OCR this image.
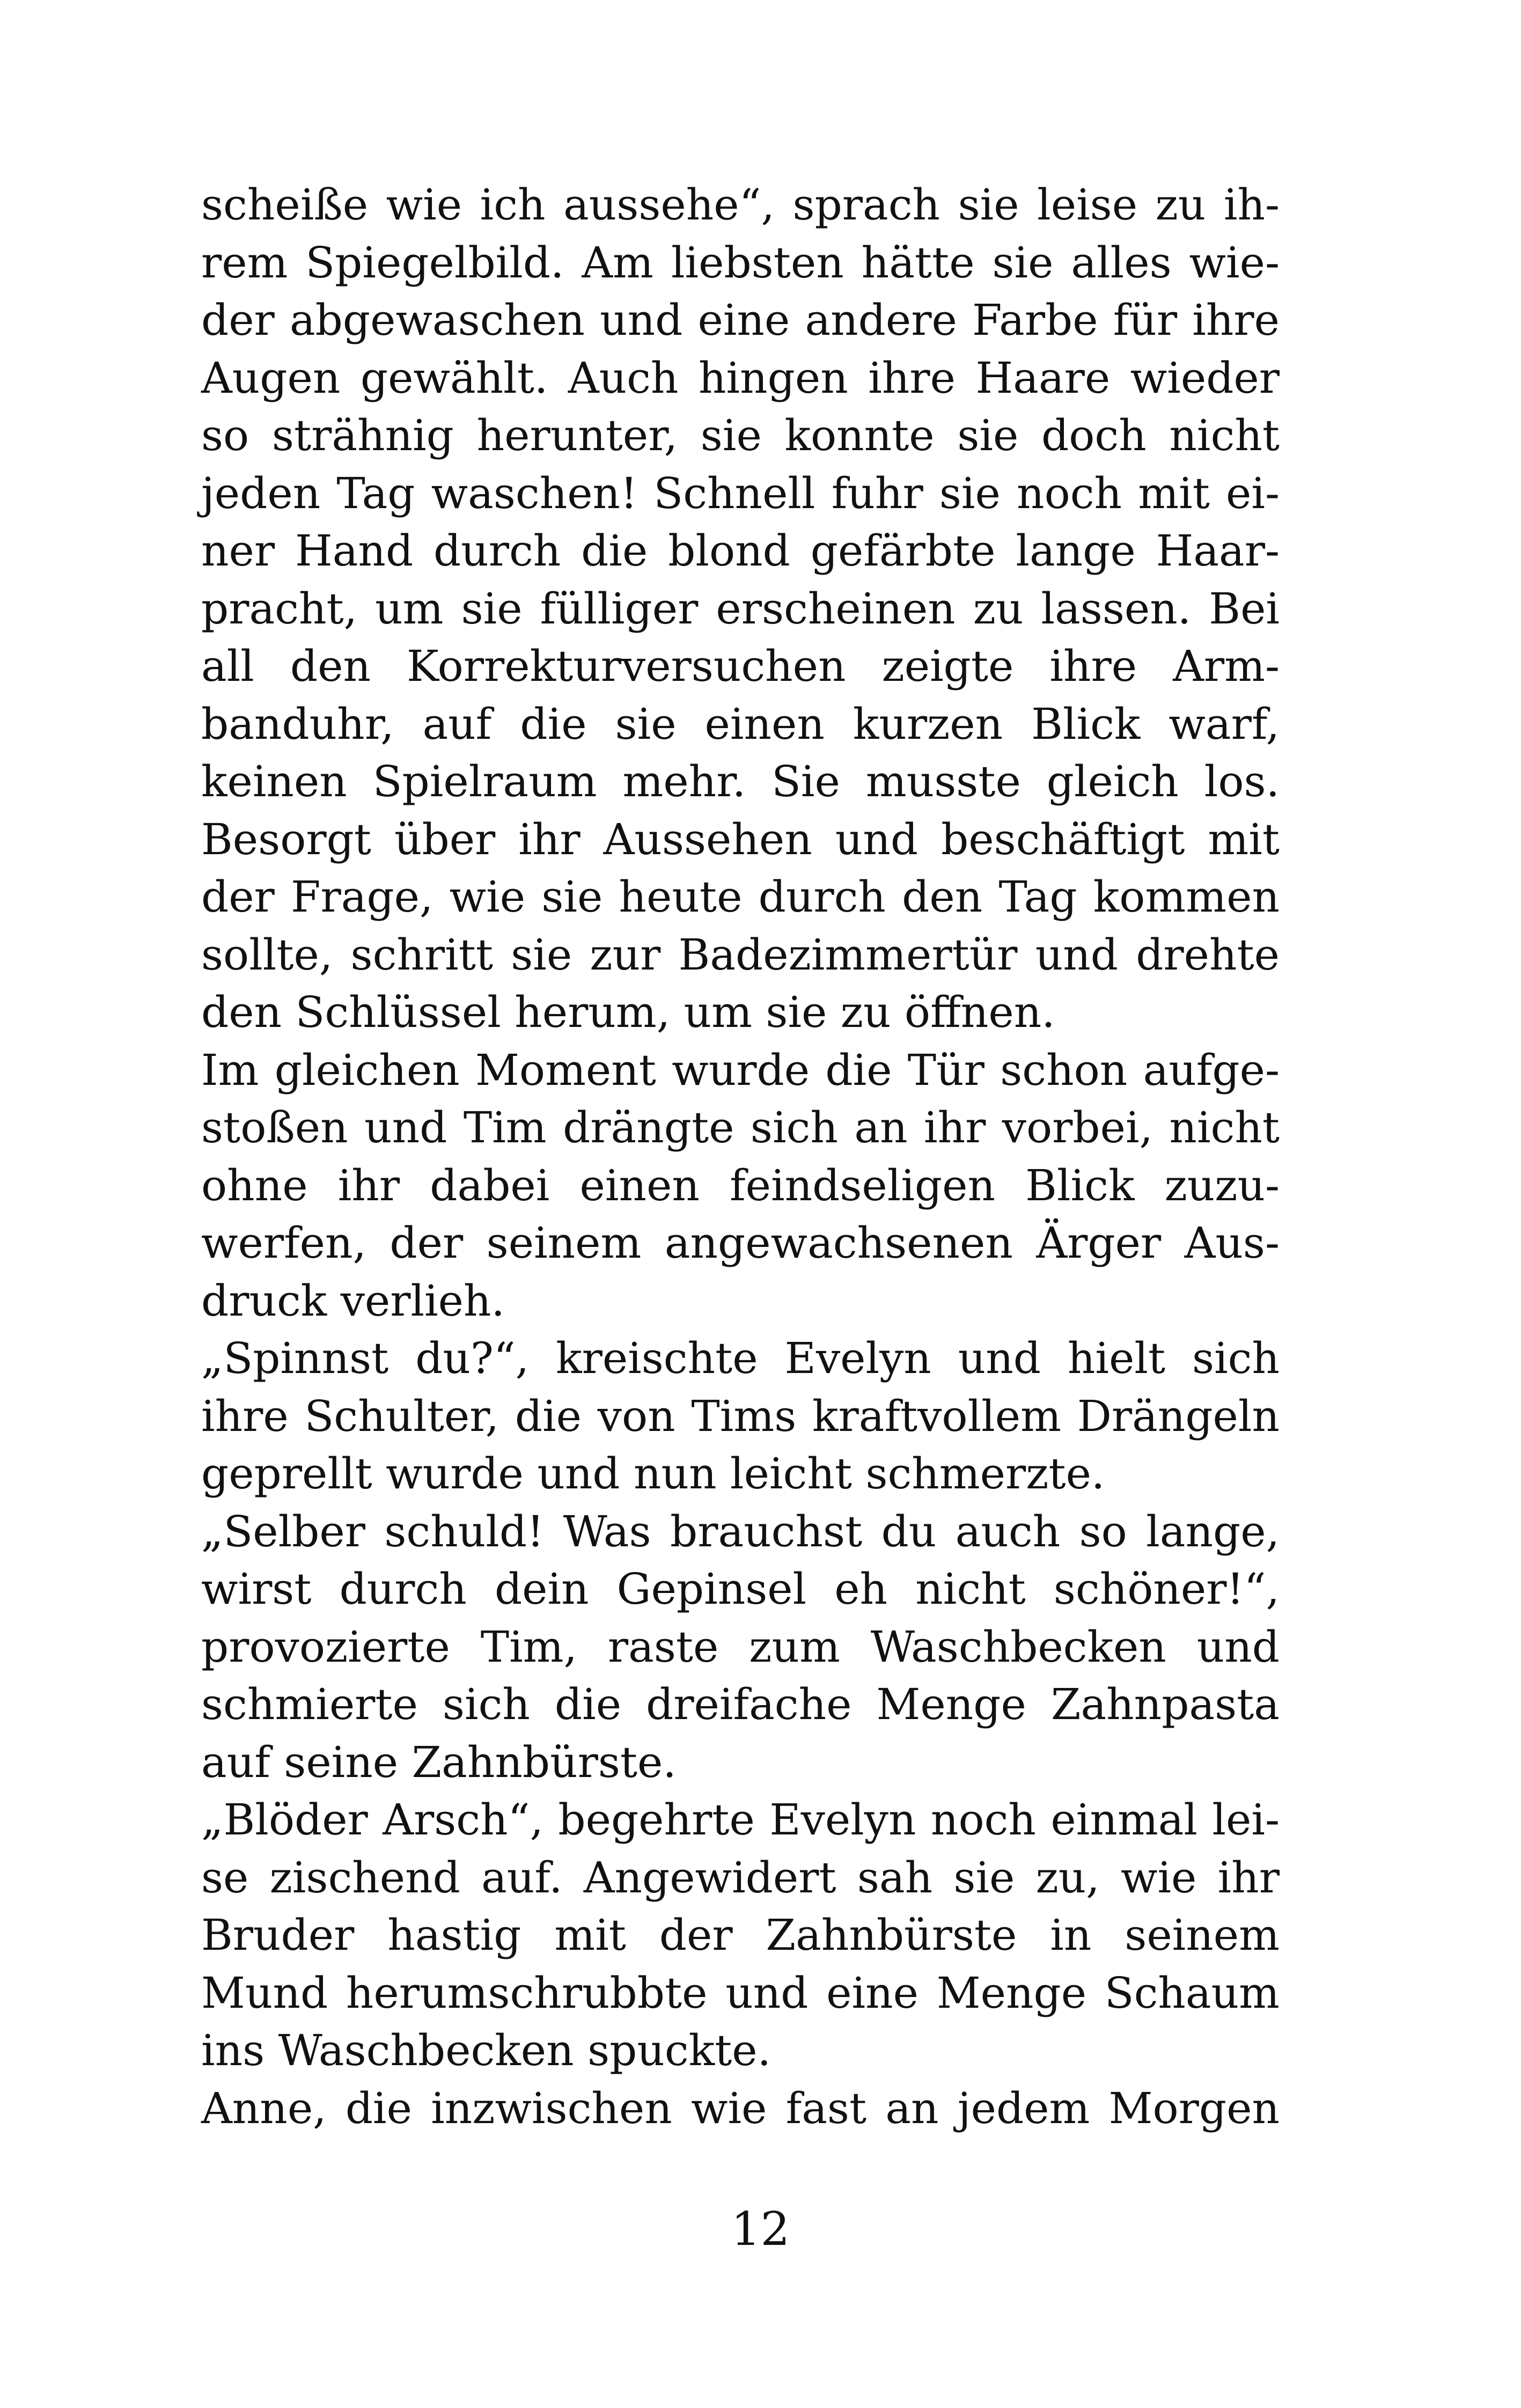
scheiße wie ich aussehe“, sprach sie leise zu ih-
rem Spiegelbild. Am liebsten hätte sie alles wie-
der abgewaschen und eine andere Farbe für ihre
Augen gewählt. Auch hingen ihre Haare wieder
so strähnig herunter, sie konnte sie doch nicht
jeden Tag waschen! Schnell fuhr sie noch mit ei-
ner Hand durch die blond gefärbte lange Haar-
pracht, um sie fülliger erscheinen zu lassen. Bei
all den Korrekturversuchen zeigte ihre Arm-
banduhr, auf die sie einen kurzen Blick warf,
keinen Spielraum mehr. Sie musste gleich los.
Besorgt über ihr Aussehen und beschäftigt mit
der Frage, wie sie heute durch den Tag kommen
sollte, schritt sie zur Badezimmertür und drehte
den Schlüssel herum, um sie zu öffnen.
Im gleichen Moment wurde die Tür schon aufge-
stoßen und Tim drängte sich an ihr vorbei, nicht
ohne ihr dabei einen feindseligen Blick zuzu-
werfen, der seinem angewachsenen Ärger Aus-
druck verlieh.
„Spinnst du?“, kreischte Evelyn und hielt sich
ihre Schulter, die von Tims kraftvollem Drängeln
geprellt wurde und nun leicht schmerzte.
„Selber schuld! Was brauchst du auch so lange,
wirst durch dein Gepinsel eh nicht schöner!“,
provozierte Tim, raste zum Waschbecken und
schmierte sich die dreifache Menge Zahnpasta
auf seine Zahnbürste.
„Blöder Arsch“, begehrte Evelyn noch einmal lei-
se zischend auf. Angewidert sah sie zu, wie ihr
Bruder hastig mit der Zahnbürste in seinem
Mund herumschrubbte und eine Menge Schaum
ins Waschbecken spuckte.
Anne, die inzwischen wie fast an jedem Morgen
12
